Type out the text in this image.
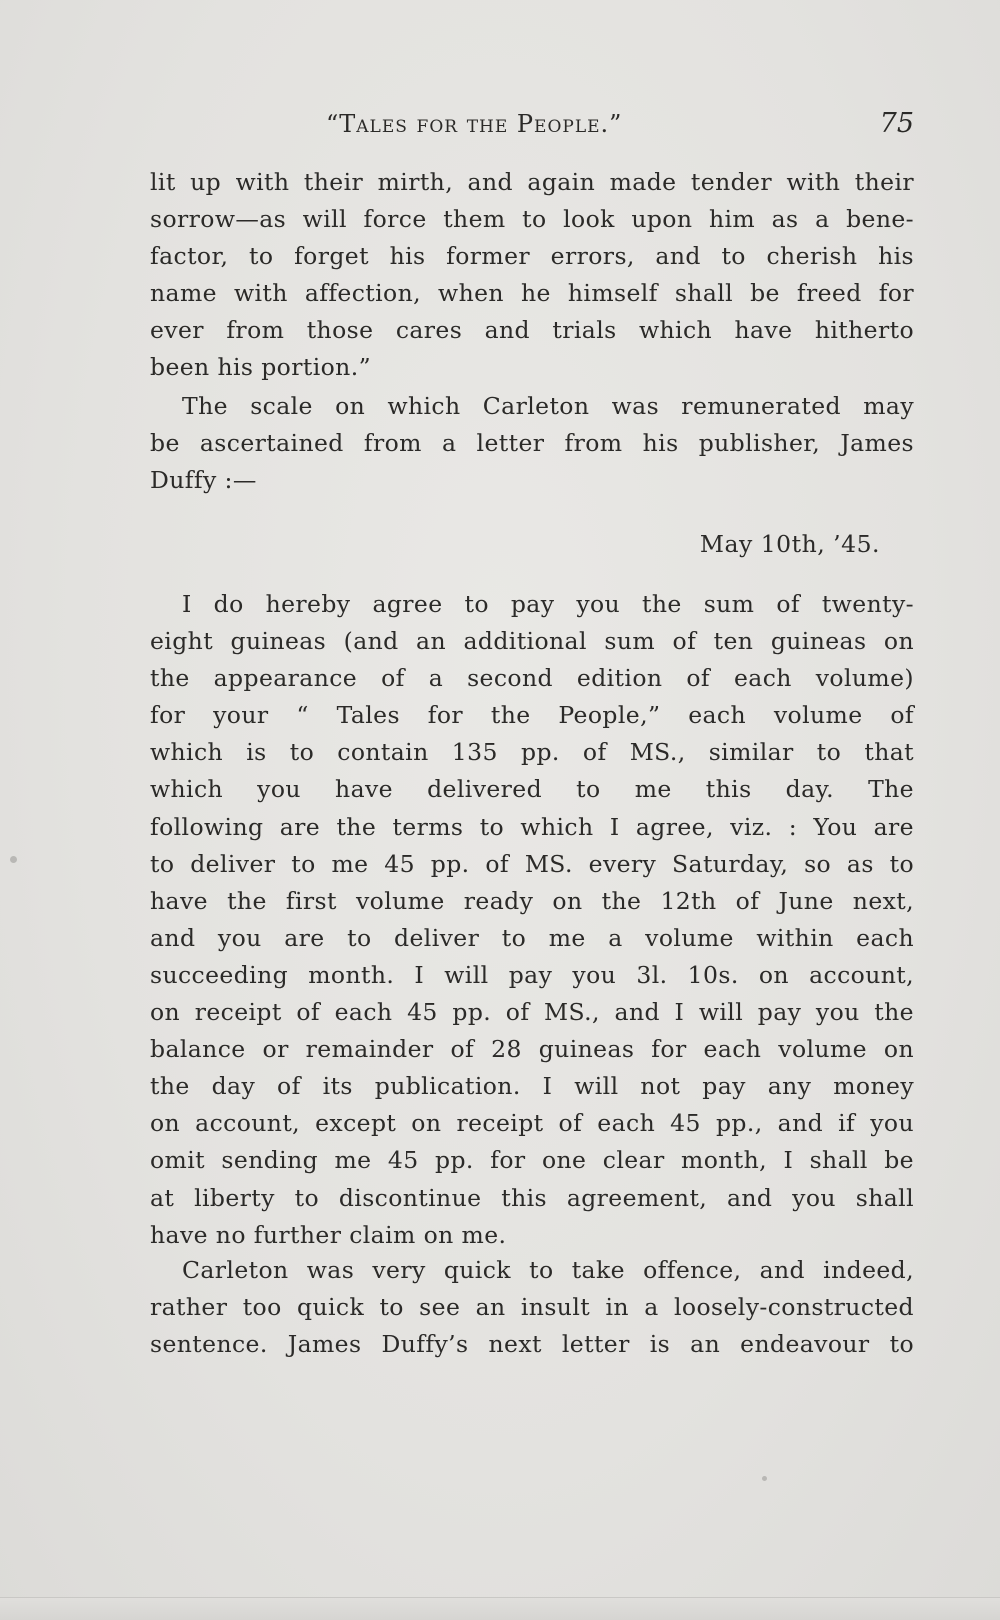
“Tales for the People.”	75
lit up with their mirth, and again made tender with their
sorrow—as will force them to look upon him as a bene-
factor, to forget his former errors, and to cherish his
name with affection, when he himself shall be freed for
ever from those cares and trials which have hitherto
been his portion.”
The scale on which Carleton was remunerated may
be ascertained from a letter from his publisher, James
Duffy :—
May 10th, ’45.
I do hereby agree to pay you the sum of twenty-
eight guineas (and an additional sum of ten guineas on
the appearance of a second edition of each volume)
for your “ Tales for the People,” each volume of
which is to contain 135 pp. of MS., similar to that
which you have delivered to me this day. The
following are the terms to which I agree, viz. : You are
to deliver to me 45 pp. of MS. every Saturday, so as to
have the first volume ready on the 12th of June next,
and you are to deliver to me a volume within each
succeeding month. I will pay you 3l. 10s. on account,
on receipt of each 45 pp. of MS., and I will pay you the
balance or remainder of 28 guineas for each volume on
the day of its publication. I will not pay any money
on account, except on receipt of each 45 pp., and if you
omit sending me 45 pp. for one clear month, I shall be
at liberty to discontinue this agreement, and you shall
have no further claim on me.
Carleton was very quick to take offence, and indeed,
rather too quick to see an insult in a loosely-constructed
sentence. James Duffy’s next letter is an endeavour to
